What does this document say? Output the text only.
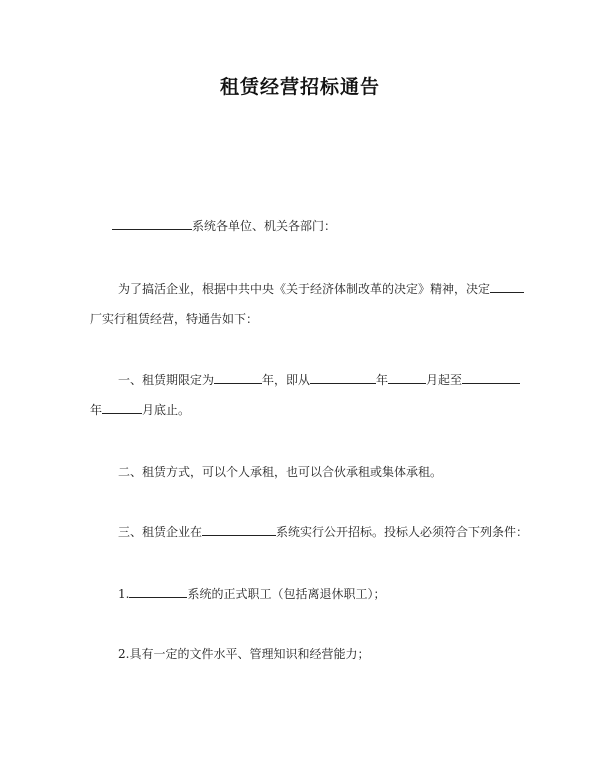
租赁经营招标通告
系统各单位、机关各部门：
为了搞活企业，根据中共中央《关于经济体制改革的决定》精神，决定
厂实行租赁经营，特通告如下：
一、租赁期限定为	年，即从	年	月起至
年	月底止。
二、租赁方式，可以个人承租，也可以合伙承租或集体承租。
三、租赁企业在	系统实行公开招标。投标人必须符合下列条件：
1.	系统的正式职工（包括离退休职工）；
2.具有一定的文件水平、管理知识和经营能力；
